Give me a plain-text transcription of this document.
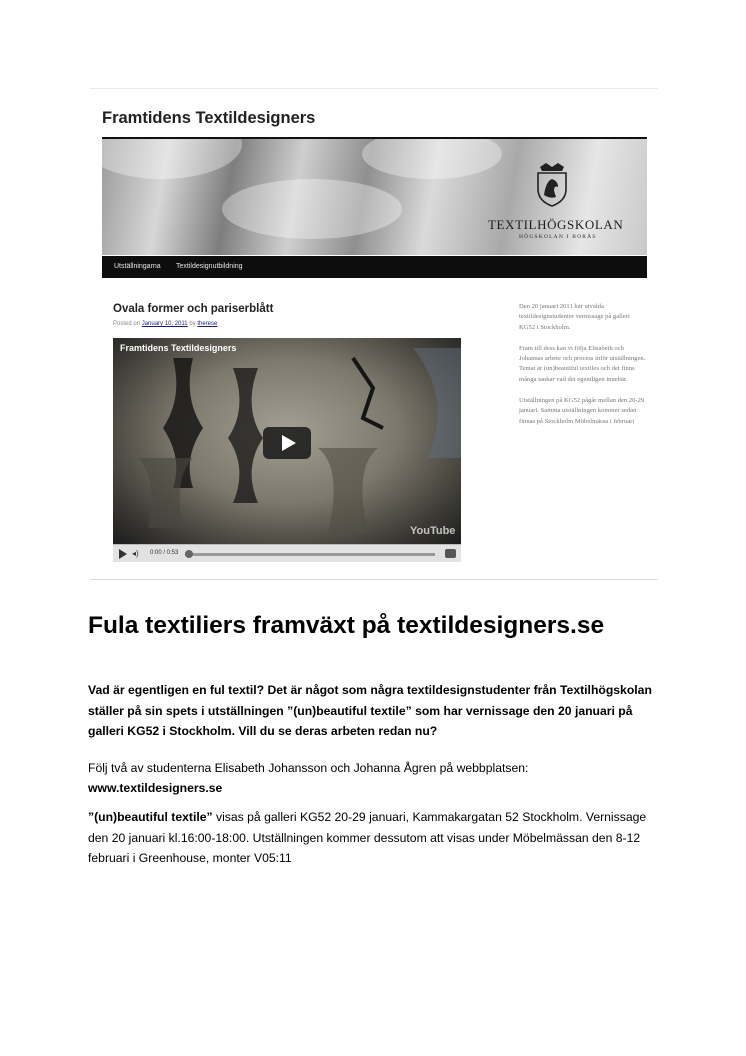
Framtidens Textildesigners
TEXTILHÖGSKOLAN
HÖGSKOLAN I BORÅS
Utställningarna Textildesignutbildning
Ovala former och pariserblått
Posted on January 10, 2011 by therese
Framtidens Textildesigners
YouTube
◂) 0:00 / 0:53

Den 20 januari 2011 har utvalda textildesignstudenter vernissage på galleri KG52 i Stockholm.

Fram till dess kan vi följa Elisabeth och Johannas arbete och process inför utställningen. Temat är (un)beautiful textiles och det finns många tankar vad det egentligen innebär.

Utställningen på KG52 pågår mellan den 20-29 januari. Samma utställningen kommer sedan finnas på Stockholm Möbelmässa i februari

Fula textiliers framväxt på textildesigners.se
Vad är egentligen en ful textil? Det är något som några textildesignstudenter från Textilhögskolan ställer på sin spets i utställningen ”(un)beautiful textile” som har vernissage den 20 januari på galleri KG52 i Stockholm. Vill du se deras arbeten redan nu?
Följ två av studenterna Elisabeth Johansson och Johanna Ågren på webbplatsen:
www.textildesigners.se
”(un)beautiful textile” visas på galleri KG52 20-29 januari, Kammakargatan 52 Stockholm. Vernissage den 20 januari kl.16:00-18:00. Utställningen kommer dessutom att visas under Möbelmässan den 8-12 februari i Greenhouse, monter V05:11
